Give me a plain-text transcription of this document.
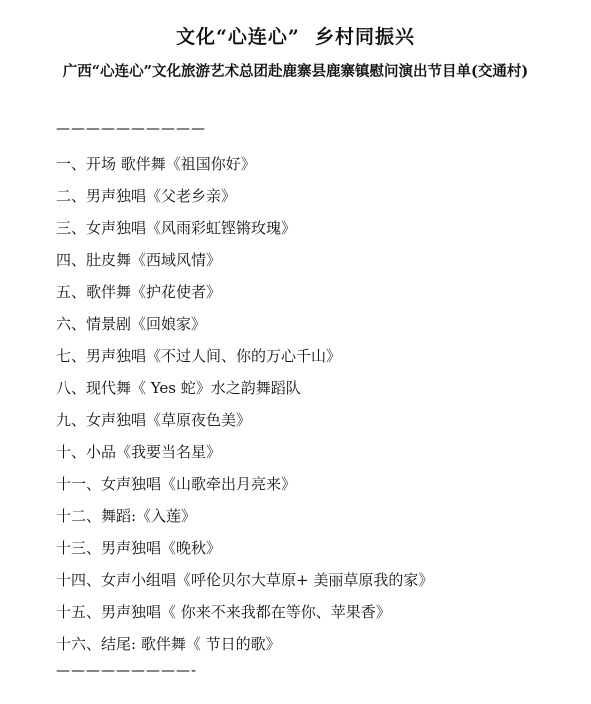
文化“心连心”  乡村同振兴
广西“心连心”文化旅游艺术总团赴鹿寨县鹿寨镇慰问演出节目单(交通村)
——————————
一、开场 歌伴舞《祖国你好》
二、男声独唱《父老乡亲》
三、女声独唱《风雨彩虹铿锵玫瑰》
四、肚皮舞《西域风情》
五、歌伴舞《护花使者》
六、情景剧《回娘家》
七、男声独唱《不过人间、你的万心千山》
八、现代舞《 Yes 蛇》水之韵舞蹈队
九、女声独唱《草原夜色美》
十、小品《我要当名星》
十一、女声独唱《山歌牵出月亮来》
十二、舞蹈:《入莲》
十三、男声独唱《晚秋》
十四、女声小组唱《呼伦贝尔大草原+ 美丽草原我的家》
十五、男声独唱《 你来不来我都在等你、苹果香》
十六、结尾: 歌伴舞《 节日的歌》
—————————-
